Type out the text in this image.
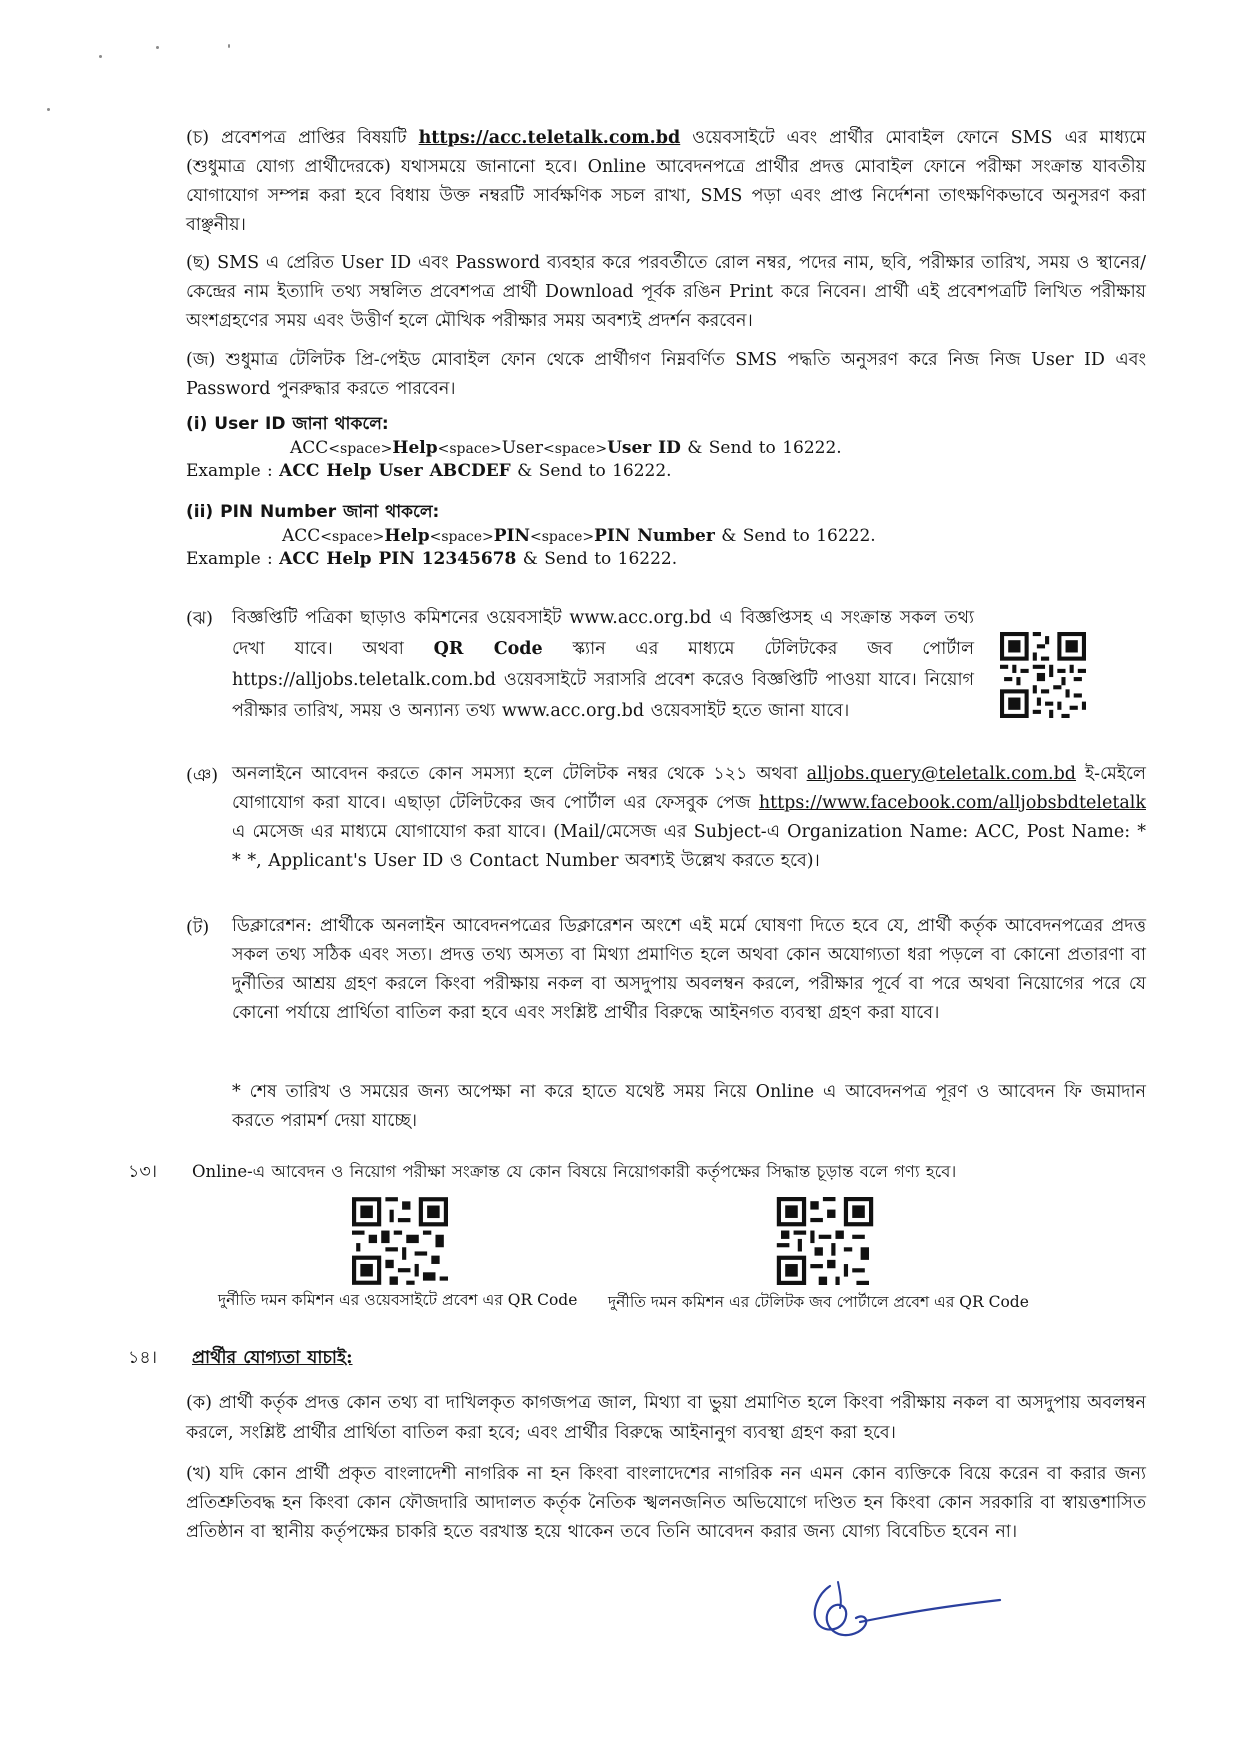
(চ) প্রবেশপত্র প্রাপ্তির বিষয়টি https://acc.teletalk.com.bd ওয়েবসাইটে এবং প্রার্থীর মোবাইল ফোনে SMS এর মাধ্যমে (শুধুমাত্র যোগ্য প্রার্থীদেরকে) যথাসময়ে জানানো হবে। Online আবেদনপত্রে প্রার্থীর প্রদত্ত মোবাইল ফোনে পরীক্ষা সংক্রান্ত যাবতীয় যোগাযোগ সম্পন্ন করা হবে বিধায় উক্ত নম্বরটি সার্বক্ষণিক সচল রাখা, SMS পড়া এবং প্রাপ্ত নির্দেশনা তাৎক্ষণিকভাবে অনুসরণ করা বাঞ্ছনীয়।
(ছ) SMS এ প্রেরিত User ID এবং Password ব্যবহার করে পরবর্তীতে রোল নম্বর, পদের নাম, ছবি, পরীক্ষার তারিখ, সময় ও স্থানের/কেন্দ্রের নাম ইত্যাদি তথ্য সম্বলিত প্রবেশপত্র প্রার্থী Download পূর্বক রঙিন Print করে নিবেন। প্রার্থী এই প্রবেশপত্রটি লিখিত পরীক্ষায় অংশগ্রহণের সময় এবং উত্তীর্ণ হলে মৌখিক পরীক্ষার সময় অবশ্যই প্রদর্শন করবেন।
(জ) শুধুমাত্র টেলিটক প্রি-পেইড মোবাইল ফোন থেকে প্রার্থীগণ নিম্নবর্ণিত SMS পদ্ধতি অনুসরণ করে নিজ নিজ User ID এবং Password পুনরুদ্ধার করতে পারবেন।
(i) User ID জানা থাকলে:
ACC<space>Help<space>User<space>User ID & Send to 16222.
Example : ACC Help User ABCDEF & Send to 16222.
(ii) PIN Number জানা থাকলে:
ACC<space>Help<space>PIN<space>PIN Number & Send to 16222.
Example : ACC Help PIN 12345678 & Send to 16222.
(ঝ) বিজ্ঞপ্তিটি পত্রিকা ছাড়াও কমিশনের ওয়েবসাইট www.acc.org.bd এ বিজ্ঞপ্তিসহ এ সংক্রান্ত সকল তথ্য দেখা যাবে। অথবা QR Code স্ক্যান এর মাধ্যমে টেলিটকের জব পোর্টাল https://alljobs.teletalk.com.bd ওয়েবসাইটে সরাসরি প্রবেশ করেও বিজ্ঞপ্তিটি পাওয়া যাবে। নিয়োগ পরীক্ষার তারিখ, সময় ও অন্যান্য তথ্য www.acc.org.bd ওয়েবসাইট হতে জানা যাবে।
(ঞ) অনলাইনে আবেদন করতে কোন সমস্যা হলে টেলিটক নম্বর থেকে ১২১ অথবা alljobs.query@teletalk.com.bd ই-মেইলে যোগাযোগ করা যাবে। এছাড়া টেলিটকের জব পোর্টাল এর ফেসবুক পেজ https://www.facebook.com/alljobsbdteletalk এ মেসেজ এর মাধ্যমে যোগাযোগ করা যাবে। (Mail/মেসেজ এর Subject-এ Organization Name: ACC, Post Name: * * *, Applicant's User ID ও Contact Number অবশ্যই উল্লেখ করতে হবে)।
(ট) ডিক্লারেশন: প্রার্থীকে অনলাইন আবেদনপত্রের ডিক্লারেশন অংশে এই মর্মে ঘোষণা দিতে হবে যে, প্রার্থী কর্তৃক আবেদনপত্রের প্রদত্ত সকল তথ্য সঠিক এবং সত্য। প্রদত্ত তথ্য অসত্য বা মিথ্যা প্রমাণিত হলে অথবা কোন অযোগ্যতা ধরা পড়লে বা কোনো প্রতারণা বা দুর্নীতির আশ্রয় গ্রহণ করলে কিংবা পরীক্ষায় নকল বা অসদুপায় অবলম্বন করলে, পরীক্ষার পূর্বে বা পরে অথবা নিয়োগের পরে যে কোনো পর্যায়ে প্রার্থিতা বাতিল করা হবে এবং সংশ্লিষ্ট প্রার্থীর বিরুদ্ধে আইনগত ব্যবস্থা গ্রহণ করা যাবে।
* শেষ তারিখ ও সময়ের জন্য অপেক্ষা না করে হাতে যথেষ্ট সময় নিয়ে Online এ আবেদনপত্র পূরণ ও আবেদন ফি জমাদান করতে পরামর্শ দেয়া যাচ্ছে।
১৩। Online-এ আবেদন ও নিয়োগ পরীক্ষা সংক্রান্ত যে কোন বিষয়ে নিয়োগকারী কর্তৃপক্ষের সিদ্ধান্ত চূড়ান্ত বলে গণ্য হবে।
দুর্নীতি দমন কমিশন এর ওয়েবসাইটে প্রবেশ এর QR Code দুর্নীতি দমন কমিশন এর টেলিটক জব পোর্টালে প্রবেশ এর QR Code
১৪। প্রার্থীর যোগ্যতা যাচাই:
(ক) প্রার্থী কর্তৃক প্রদত্ত কোন তথ্য বা দাখিলকৃত কাগজপত্র জাল, মিথ্যা বা ভুয়া প্রমাণিত হলে কিংবা পরীক্ষায় নকল বা অসদুপায় অবলম্বন করলে, সংশ্লিষ্ট প্রার্থীর প্রার্থিতা বাতিল করা হবে; এবং প্রার্থীর বিরুদ্ধে আইনানুগ ব্যবস্থা গ্রহণ করা হবে।
(খ) যদি কোন প্রার্থী প্রকৃত বাংলাদেশী নাগরিক না হন কিংবা বাংলাদেশের নাগরিক নন এমন কোন ব্যক্তিকে বিয়ে করেন বা করার জন্য প্রতিশ্রুতিবদ্ধ হন কিংবা কোন ফৌজদারি আদালত কর্তৃক নৈতিক স্খলনজনিত অভিযোগে দণ্ডিত হন কিংবা কোন সরকারি বা স্বায়ত্তশাসিত প্রতিষ্ঠান বা স্থানীয় কর্তৃপক্ষের চাকরি হতে বরখাস্ত হয়ে থাকেন তবে তিনি আবেদন করার জন্য যোগ্য বিবেচিত হবেন না।
